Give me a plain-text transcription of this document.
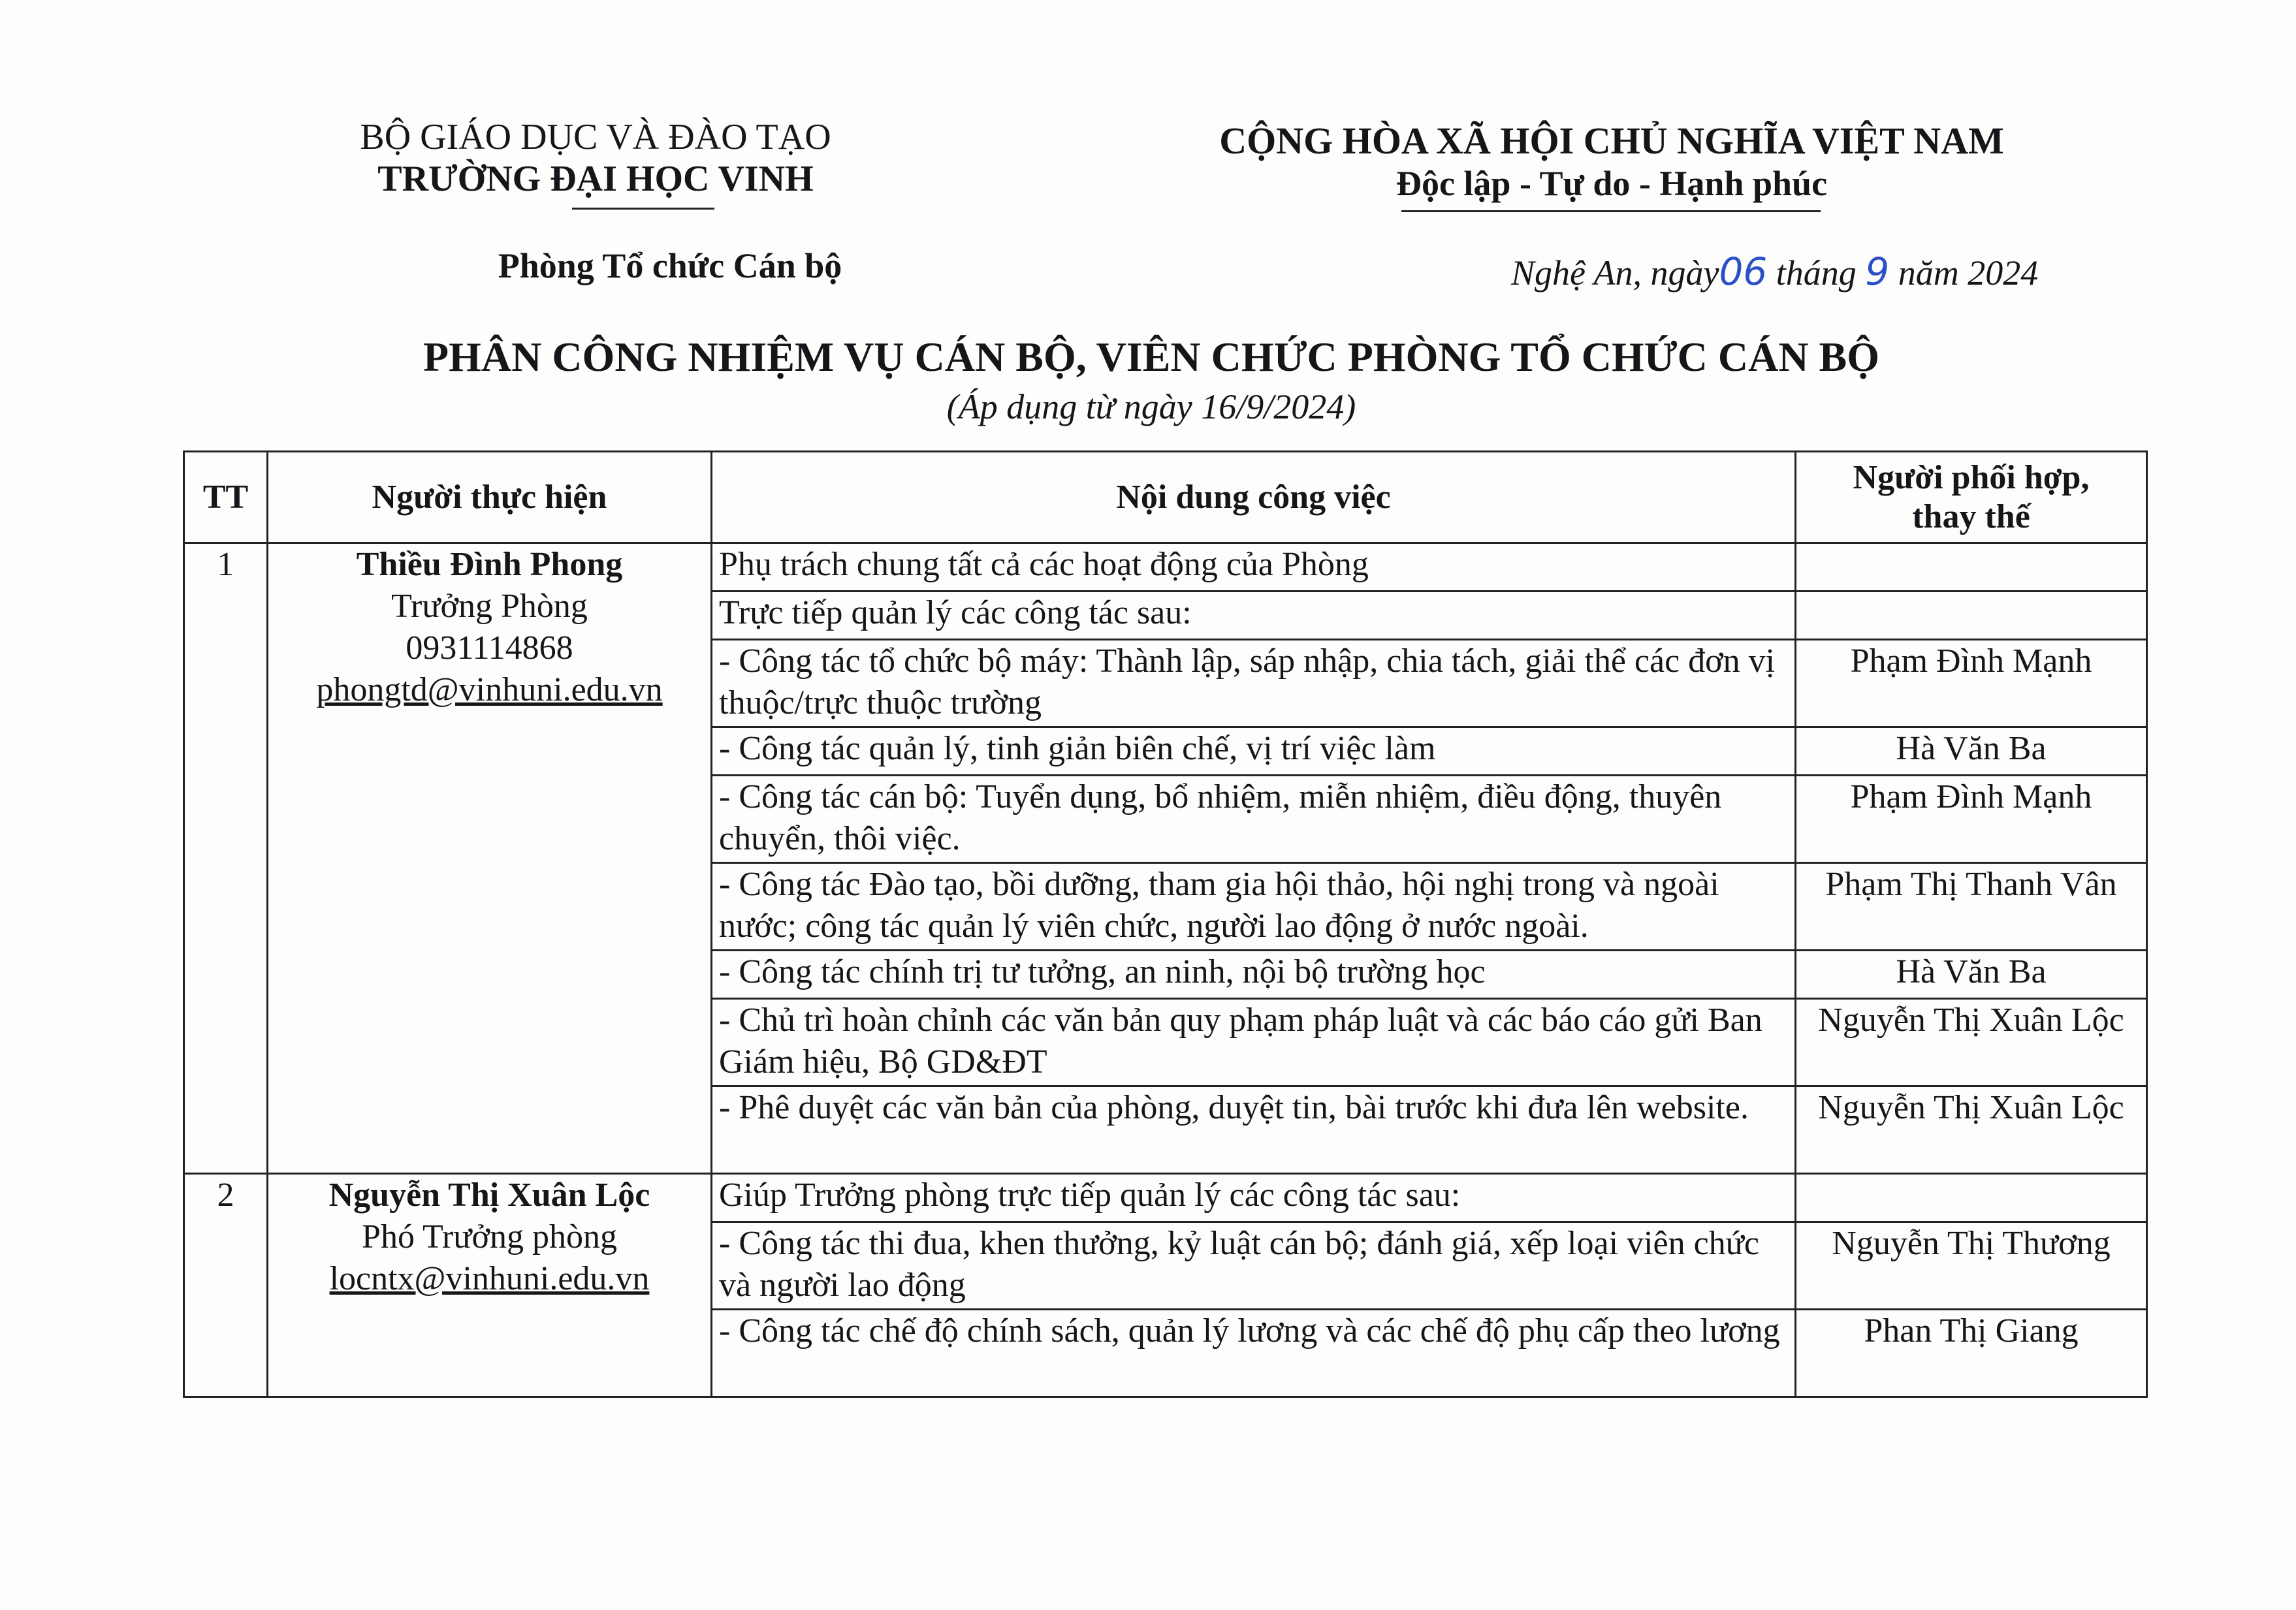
BỘ GIÁO DỤC VÀ ĐÀO TẠO
TRƯỜNG ĐẠI HỌC VINH
Phòng Tổ chức Cán bộ
CỘNG HÒA XÃ HỘI CHỦ NGHĨA VIỆT NAM
Độc lập - Tự do - Hạnh phúc
Nghệ An, ngày06 tháng 9 năm 2024
PHÂN CÔNG NHIỆM VỤ CÁN BỘ, VIÊN CHỨC PHÒNG TỔ CHỨC CÁN BỘ
(Áp dụng từ ngày 16/9/2024)
TT	Người thực hiện	Nội dung công việc	Người phối hợp,
thay thế
1	Thiều Đình Phong
Trưởng Phòng
0931114868
phongtd@vinhuni.edu.vn	Phụ trách chung tất cả các hoạt động của Phòng	
		Trực tiếp quản lý các công tác sau:	
		- Công tác tổ chức bộ máy: Thành lập, sáp nhập, chia tách, giải thể các đơn vị thuộc/trực thuộc trường	Phạm Đình Mạnh
		- Công tác quản lý, tinh giản biên chế, vị trí việc làm	Hà Văn Ba
		- Công tác cán bộ: Tuyển dụng, bổ nhiệm, miễn nhiệm, điều động, thuyên chuyển, thôi việc.	Phạm Đình Mạnh
		- Công tác Đào tạo, bồi dưỡng, tham gia hội thảo, hội nghị trong và ngoài nước; công tác quản lý viên chức, người lao động ở nước ngoài.	Phạm Thị Thanh Vân
		- Công tác chính trị tư tưởng, an ninh, nội bộ trường học	Hà Văn Ba
		- Chủ trì hoàn chỉnh các văn bản quy phạm pháp luật và các báo cáo gửi Ban Giám hiệu, Bộ GD&ĐT	Nguyễn Thị Xuân Lộc
		- Phê duyệt các văn bản của phòng, duyệt tin, bài trước khi đưa lên website.	Nguyễn Thị Xuân Lộc
2	Nguyễn Thị Xuân Lộc
Phó Trưởng phòng
locntx@vinhuni.edu.vn	Giúp Trưởng phòng trực tiếp quản lý các công tác sau:	
		- Công tác thi đua, khen thưởng, kỷ luật cán bộ; đánh giá, xếp loại viên chức và người lao động	Nguyễn Thị Thương
		- Công tác chế độ chính sách, quản lý lương và các chế độ phụ cấp theo lương	Phan Thị Giang
